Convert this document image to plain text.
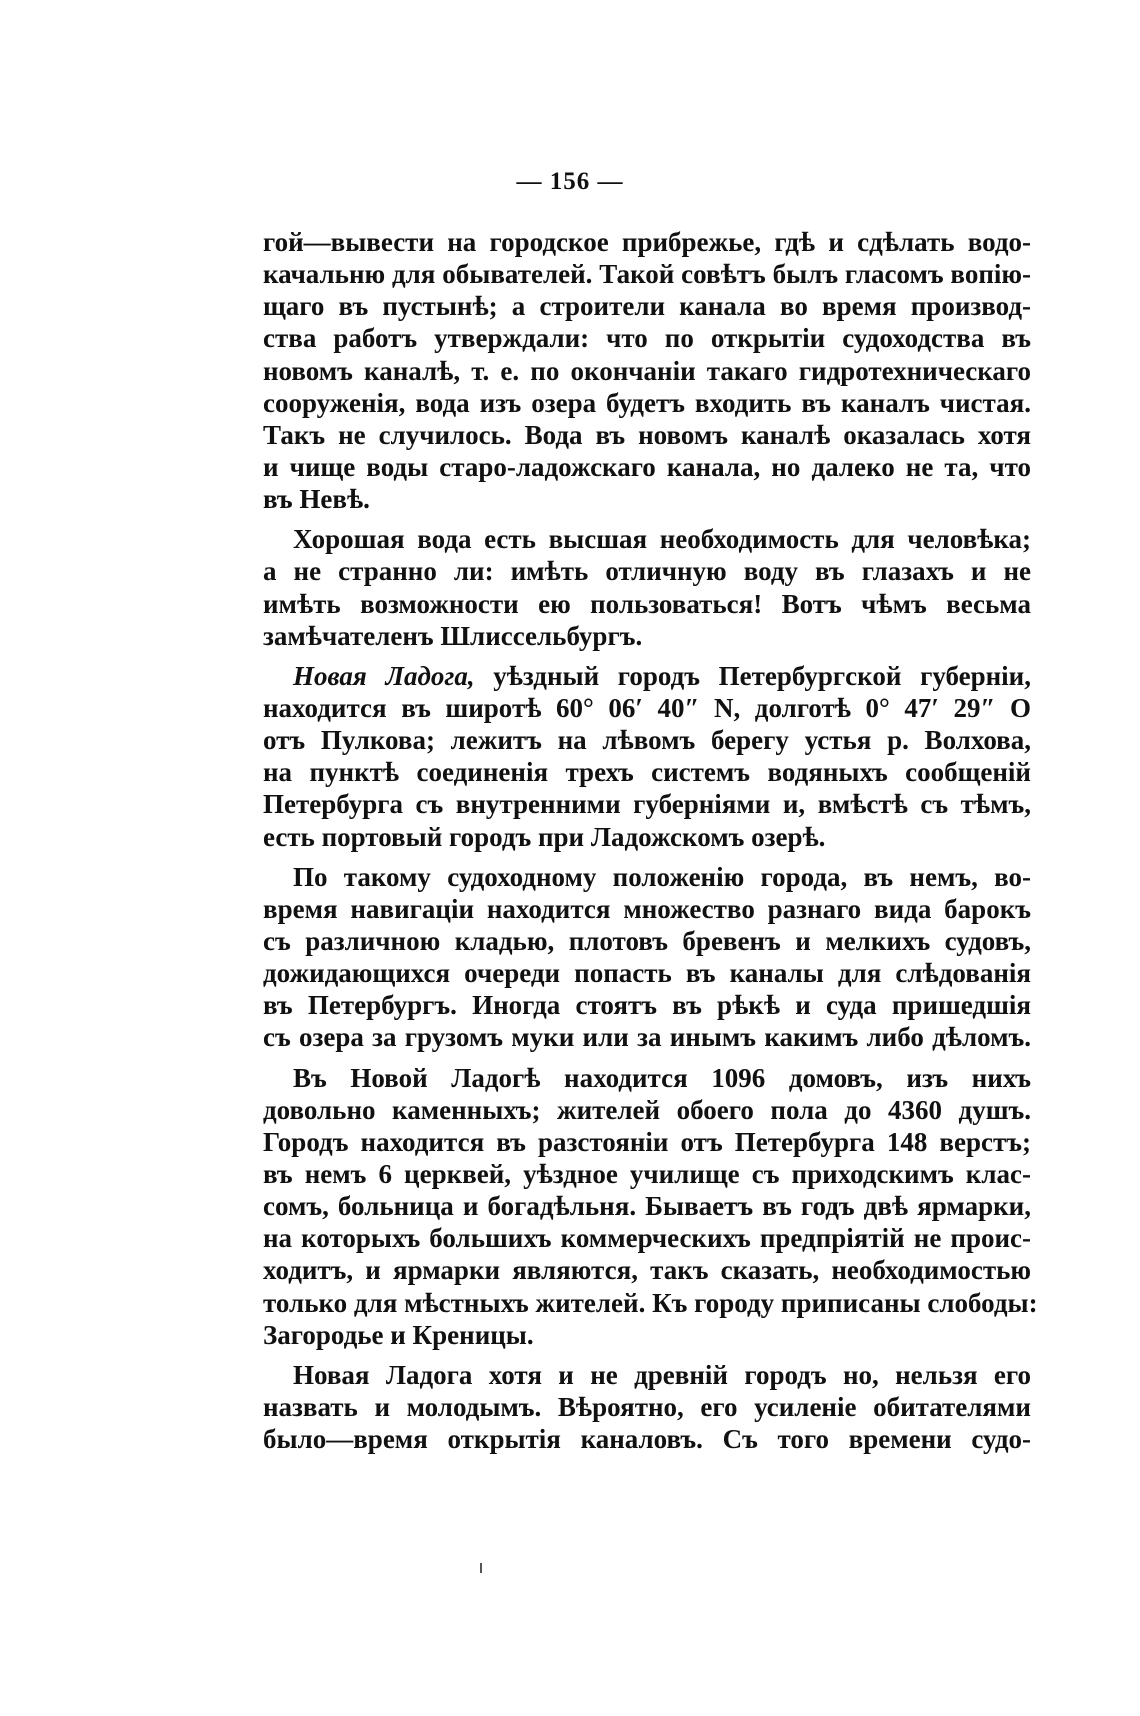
— 156 —
гой—вывести на городское прибрежье, гдѣ и сдѣлать водо-
качальню для обывателей. Такой совѣтъ былъ гласомъ вопію-
щаго въ пустынѣ; а строители канала во время производ-
ства работъ утверждали: что по открытіи судоходства въ
новомъ каналѣ, т. е. по окончаніи такаго гидротехническаго
сооруженія, вода изъ озера будетъ входить въ каналъ чистая.
Такъ не случилось. Вода въ новомъ каналѣ оказалась хотя
и чище воды старо-ладожскаго канала, но далеко не та, что
въ Невѣ.
Хорошая вода есть высшая необходимость для человѣка;
а не странно ли: имѣть отличную воду въ глазахъ и не
имѣть возможности ею пользоваться! Вотъ чѣмъ весьма
замѣчателенъ Шлиссельбургъ.
Новая Ладога, уѣздный городъ Петербургской губерніи,
находится въ широтѣ 60° 06′ 40″ N, долготѣ 0° 47′ 29″ О
отъ Пулкова; лежитъ на лѣвомъ берегу устья р. Волхова,
на пунктѣ соединенія трехъ системъ водяныхъ сообщеній
Петербурга съ внутренними губерніями и, вмѣстѣ съ тѣмъ,
есть портовый городъ при Ладожскомъ озерѣ.
По такому судоходному положенію города, въ немъ, во-
время навигаціи находится множество разнаго вида барокъ
съ различною кладью, плотовъ бревенъ и мелкихъ судовъ,
дожидающихся очереди попасть въ каналы для слѣдованія
въ Петербургъ. Иногда стоятъ въ рѣкѣ и суда пришедшія
съ озера за грузомъ муки или за инымъ какимъ либо дѣломъ.
Въ Новой Ладогѣ находится 1096 домовъ, изъ нихъ
довольно каменныхъ; жителей обоего пола до 4360 душъ.
Городъ находится въ разстояніи отъ Петербурга 148 верстъ;
въ немъ 6 церквей, уѣздное училище съ приходскимъ клас-
сомъ, больница и богадѣльня. Бываетъ въ годъ двѣ ярмарки,
на которыхъ большихъ коммерческихъ предпріятій не проис-
ходитъ, и ярмарки являются, такъ сказать, необходимостью
только для мѣстныхъ жителей. Къ городу приписаны слободы:
Загородье и Креницы.
Новая Ладога хотя и не древній городъ но, нельзя его
назвать и молодымъ. Вѣроятно, его усиленіе обитателями
было—время открытія каналовъ. Съ того времени судо-
